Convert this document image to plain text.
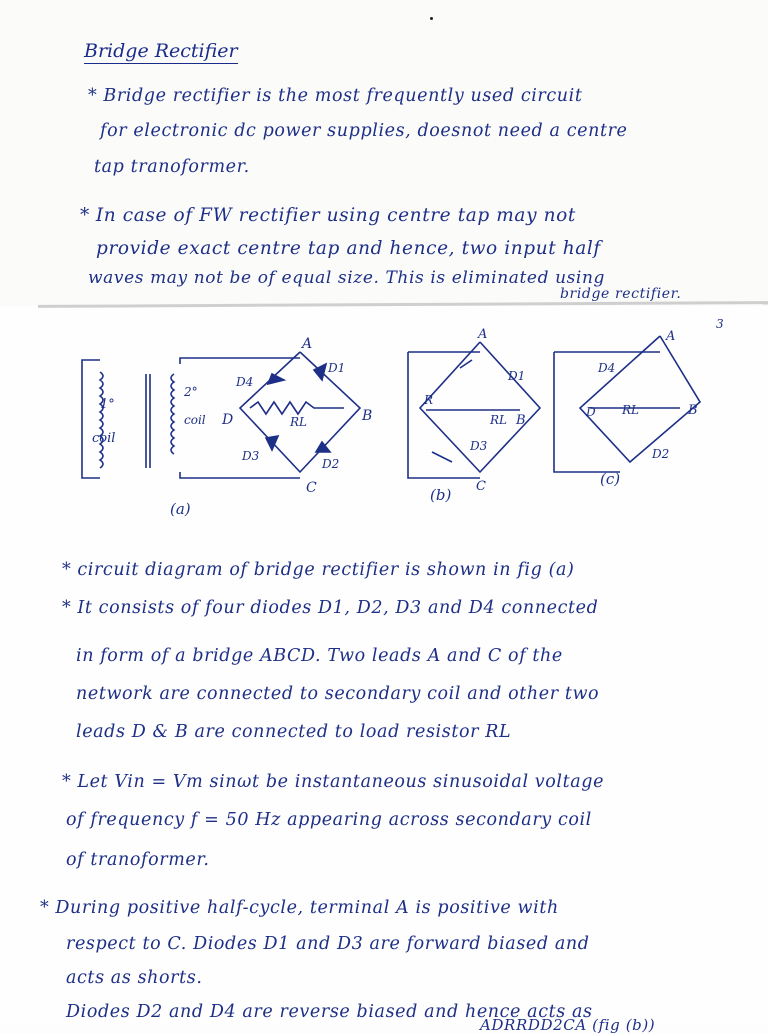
Bridge Rectifier
* Bridge rectifier is the most frequently used circuit
for electronic dc power supplies, doesnot need a centre
tap tranoformer.
* In case of FW rectifier using centre tap may not
provide exact centre tap and hence, two input half
waves may not be of equal size. This is eliminated using
bridge rectifier.
A
B
C
D
D1
D2
D3
D4
RL
1°
coil
2°
coil
A
B
C
R
D1
D3
RL
A
B
D
D4
D2
RL
(a)
(b)
(c)
3
* circuit diagram of bridge rectifier is shown in fig (a)
* It consists of four diodes D1, D2, D3 and D4 connected
in form of a bridge ABCD. Two leads A and C of the
network are connected to secondary coil and other two
leads D & B are connected to load resistor RL
* Let Vin = Vm sinωt be instantaneous sinusoidal voltage
of frequency f = 50 Hz appearing across secondary coil
of tranoformer.
* During positive half-cycle, terminal A is positive with
respect to C. Diodes D1 and D3 are forward biased and
acts as shorts.
Diodes D2 and D4 are reverse biased and hence acts as
ADRRDD2CA (fig (b))
